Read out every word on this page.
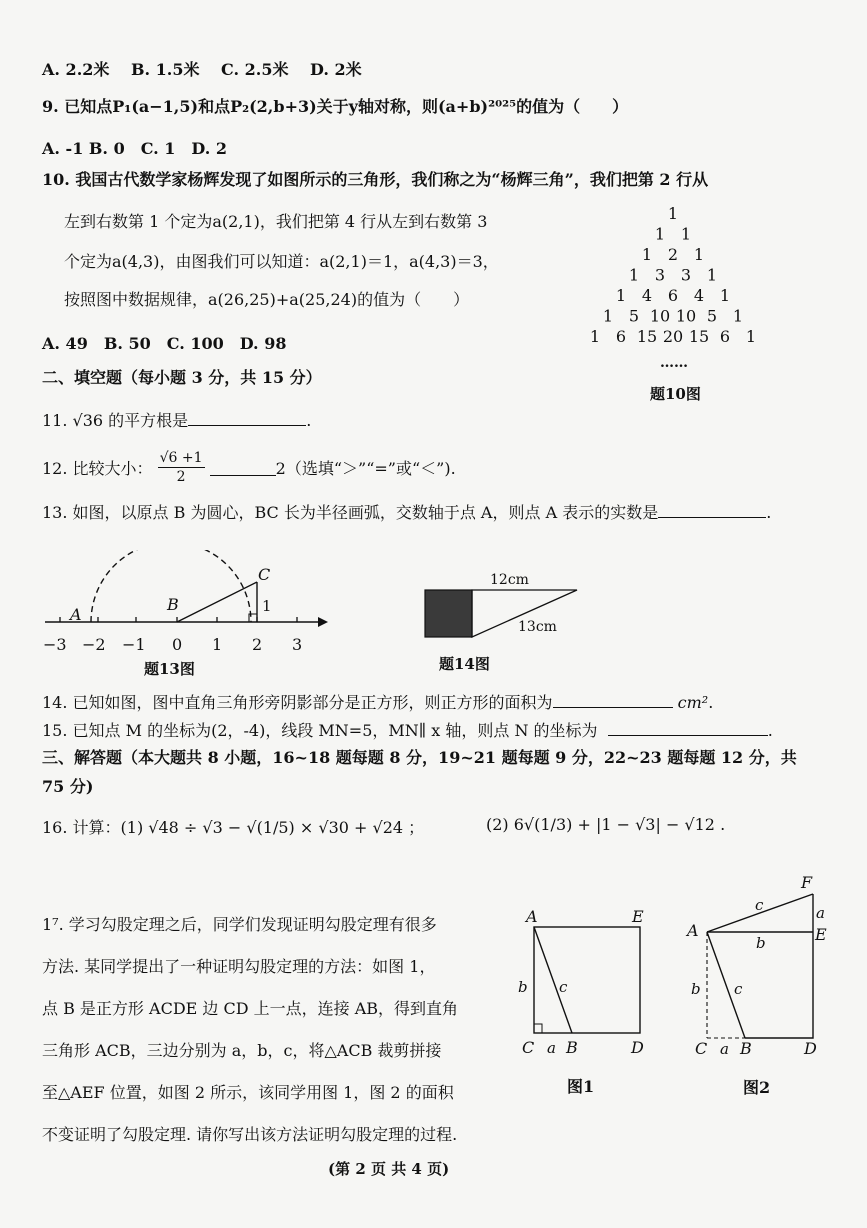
A. 2.2米　 B. 1.5米　 C. 2.5米　 D. 2米
9. 已知点P₁(a−1,5)和点P₂(2,b+3)关于y轴对称，则(a+b)²⁰²⁵的值为（　　）
A. -1 B. 0　C. 1　D. 2
10. 我国古代数学家杨辉发现了如图所示的三角形，我们称之为“杨辉三角”，我们把第 2 行从
左到右数第 1 个定为a(2,1)，我们把第 4 行从左到右数第 3
个定为a(4,3)，由图我们可以知道：a(2,1)＝1，a(4,3)＝3，
按照图中数据规律，a(26,25)+a(25,24)的值为（　　）
A. 49　B. 50　C. 100　D. 98
1
1 1
1 2 1
1 3 3 1
1 4 6 4 1
1 5 10 10 5 1
1 6 15 20 15 6 1
……
题10图
二、填空题（每小题 3 分，共 15 分）
11. √36 的平方根是	.
12. 比较大小： $\frac{√6 +1}{2}$	2（选填“＞”“=”或“＜”).
13. 如图，以原点 B 为圆心，BC 长为半径画弧，交数轴于点 A，则点 A 表示的实数是	.
−3 −2 −1 0 1 2 3
A
B
C
1
题13图
12cm
13cm
题14图
14. 已知如图，图中直角三角形旁阴影部分是正方形，则正方形的面积为	cm².
15. 已知点 M 的坐标为(2，-4)，线段 MN=5，MN∥ x 轴，则点 N 的坐标为	.
三、解答题（本大题共 8 小题，16~18 题每题 8 分，19~21 题每题 9 分，22~23 题每题 12 分，共
75 分)
16. 计算：(1) √48 ÷ √3 − √(1/5) × √30 + √24 ；	(2) 6√(1/3) + |1 − √3| − √12 .
1⁷. 学习勾股定理之后，同学们发现证明勾股定理有很多
方法. 某同学提出了一种证明勾股定理的方法：如图 1，
点 B 是正方形 ACDE 边 CD 上一点，连接 AB，得到直角
三角形 ACB，三边分别为 a，b，c，将△ACB 裁剪拼接
至△AEF 位置，如图 2 所示，该同学用图 1，图 2 的面积
不变证明了勾股定理. 请你写出该方法证明勾股定理的过程.
A	E
C B	D
a
b c
图1
A	E
F
C B	D
a
a
b
b
c
c
图2
(第 2 页 共 4 页)
